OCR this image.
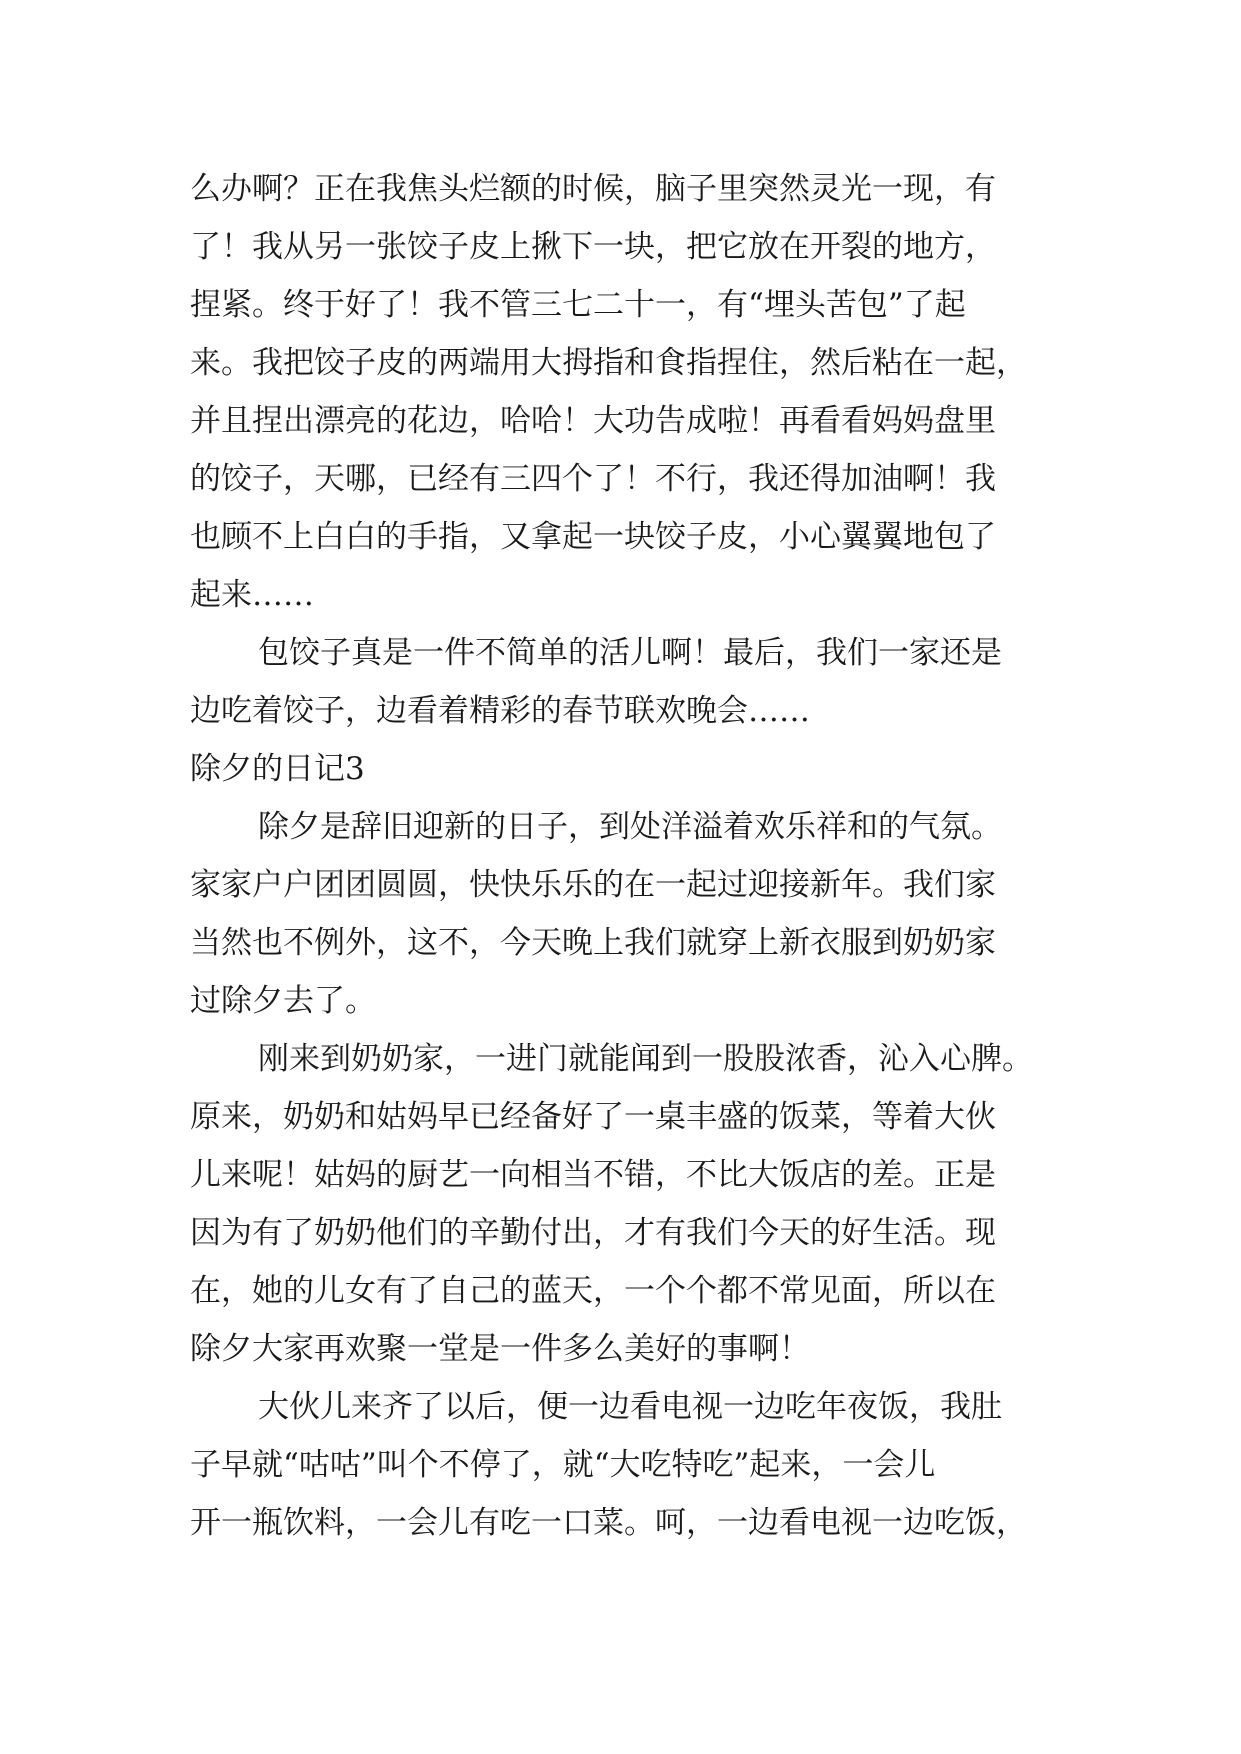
么办啊？正在我焦头烂额的时候，脑子里突然灵光一现，有
了！我从另一张饺子皮上揪下一块，把它放在开裂的地方，
捏紧。终于好了！我不管三七二十一，有“埋头苦包”了起
来。我把饺子皮的两端用大拇指和食指捏住，然后粘在一起，
并且捏出漂亮的花边，哈哈！大功告成啦！再看看妈妈盘里
的饺子，天哪，已经有三四个了！不行，我还得加油啊！我
也顾不上白白的手指，又拿起一块饺子皮，小心翼翼地包了
起来……
包饺子真是一件不简单的活儿啊！最后，我们一家还是
边吃着饺子，边看着精彩的春节联欢晚会……
除夕的日记3
除夕是辞旧迎新的日子，到处洋溢着欢乐祥和的气氛。
家家户户团团圆圆，快快乐乐的在一起过迎接新年。我们家
当然也不例外，这不，今天晚上我们就穿上新衣服到奶奶家
过除夕去了。
刚来到奶奶家，一进门就能闻到一股股浓香，沁入心脾。
原来，奶奶和姑妈早已经备好了一桌丰盛的饭菜，等着大伙
儿来呢！姑妈的厨艺一向相当不错，不比大饭店的差。正是
因为有了奶奶他们的辛勤付出，才有我们今天的好生活。现
在，她的儿女有了自己的蓝天，一个个都不常见面，所以在
除夕大家再欢聚一堂是一件多么美好的事啊！
大伙儿来齐了以后，便一边看电视一边吃年夜饭，我肚
子早就“咕咕”叫个不停了，就“大吃特吃”起来，一会儿
开一瓶饮料，一会儿有吃一口菜。呵，一边看电视一边吃饭，
